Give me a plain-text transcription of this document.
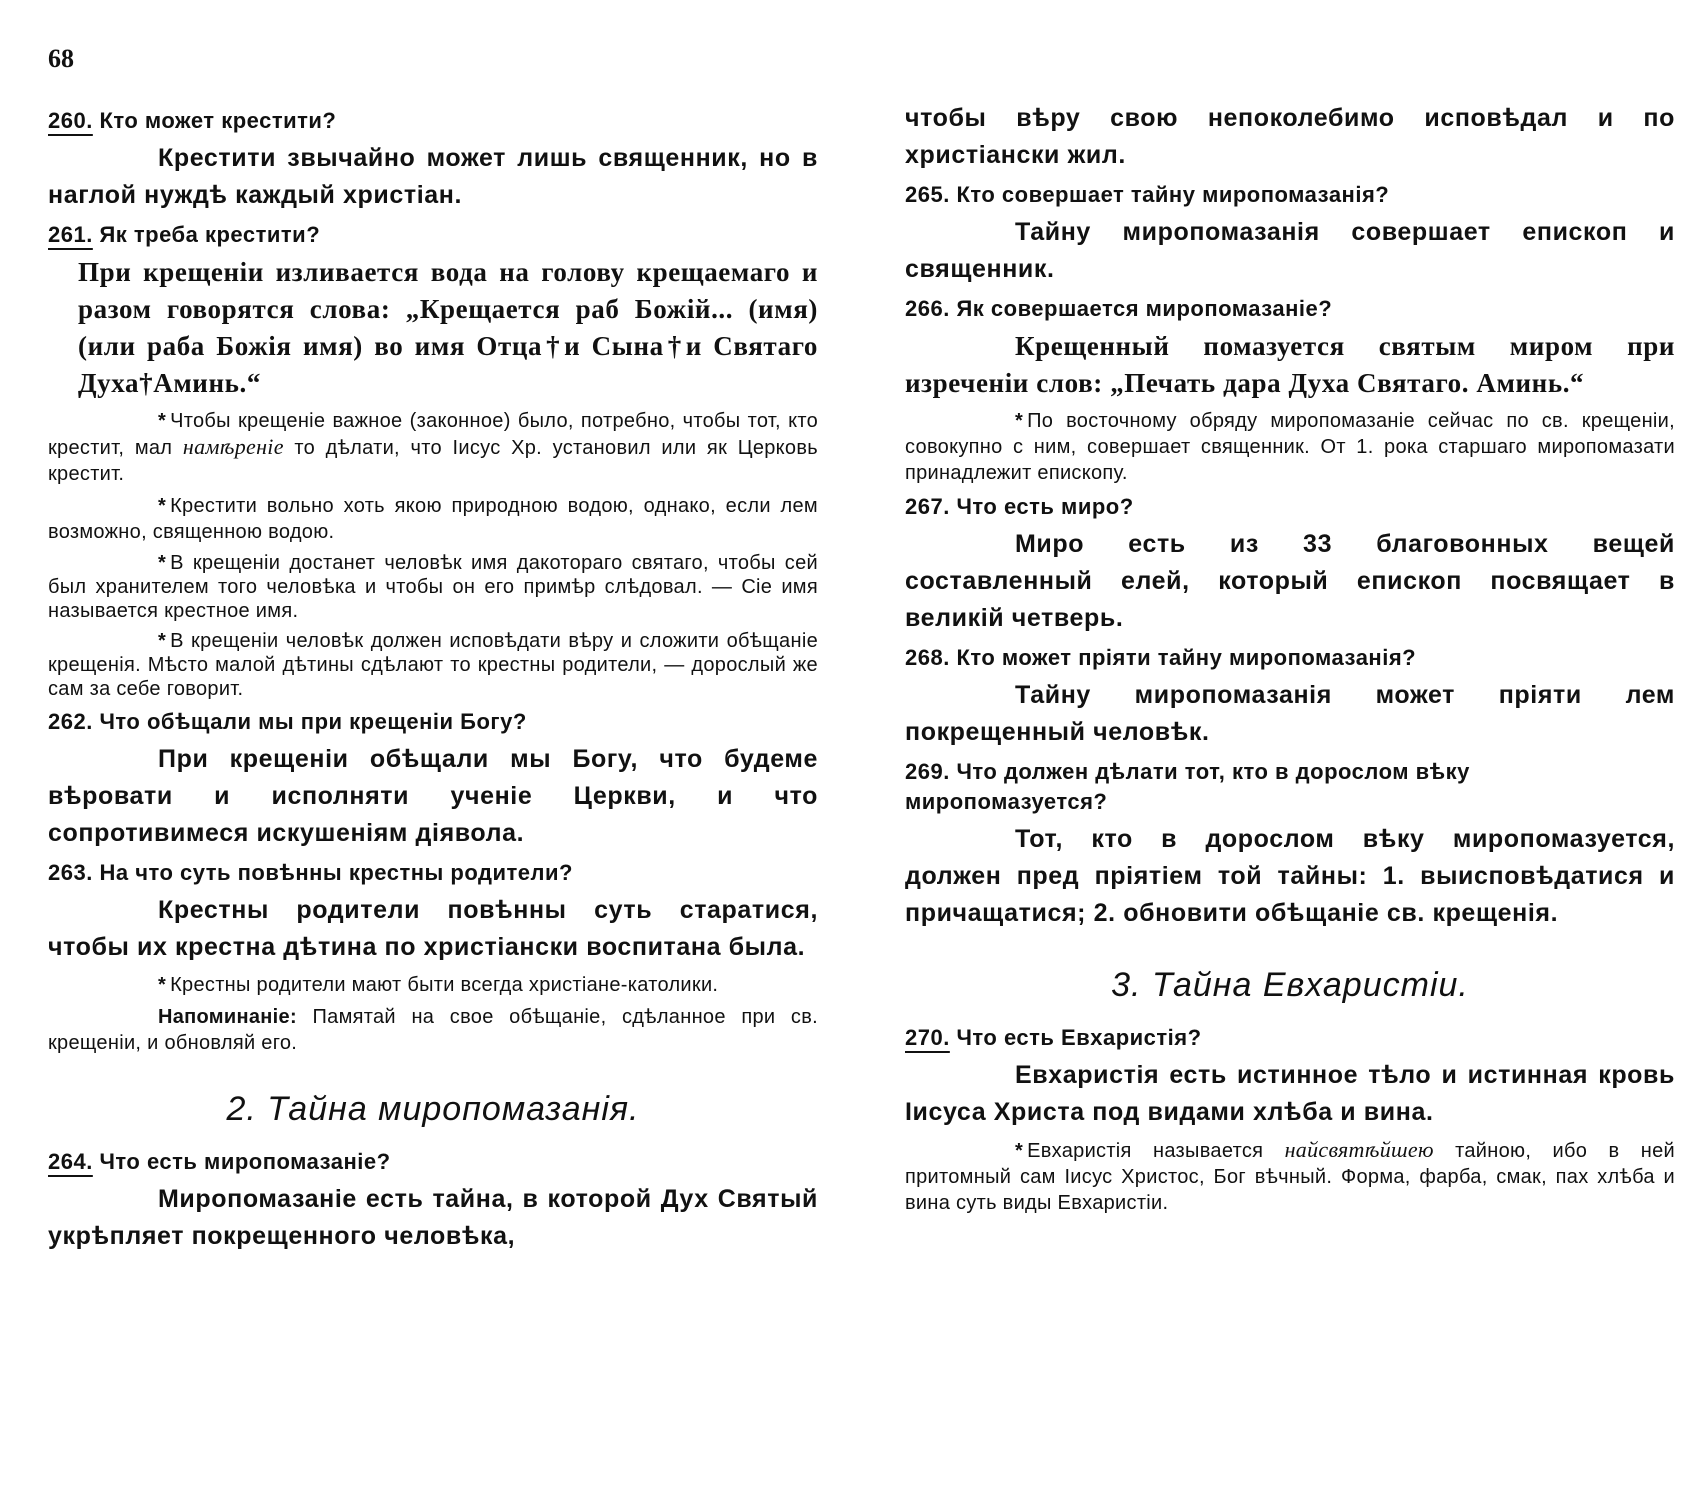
68
260. Кто может крестити?

Крестити звычайно может лишь священник, но в наглой нуждѣ каждый христіан.

261. Як треба крестити?

При крещеніи изливается вода на голову крещаемаго и разом говорятся слова: „Крещается раб Божій... (имя) (или раба Божія имя) во имя Отца†и Сына†и Святаго Духа†Аминь.“

* Чтобы крещеніе важное (законное) было, потребно, чтобы тот, кто крестит, мал намѣреніе то дѣлати, что Іисус Хр. установил или як Церковь крестит.

* Крестити вольно хоть якою природною водою, однако, если лем возможно, священною водою.

* В крещеніи достанет человѣк имя дакотораго святаго, чтобы сей был хранителем того человѣка и чтобы он его примѣр слѣдовал. — Сіе имя называется крестное имя.

* В крещеніи человѣк должен исповѣдати вѣру и сложити обѣщаніе крещенія. Мѣсто малой дѣтины сдѣлают то крестны родители, — дорослый же сам за себе говорит.

262. Что обѣщали мы при крещеніи Богу?

При крещеніи обѣщали мы Богу, что будеме вѣровати и исполняти ученіе Церкви, и что сопротивимеся искушеніям діявола.

263. На что суть повѣнны крестны родители?

Крестны родители повѣнны суть старатися, чтобы их крестна дѣтина по христіански воспитана была.

* Крестны родители мают быти всегда христіане-католики.

Напоминаніе: Памятай на свое обѣщаніе, сдѣланное при св. крещеніи, и обновляй его.

2. Тайна миропомазанія.
264. Что есть миропомазаніе?

Миропомазаніе есть тайна, в которой Дух Святый укрѣпляет покрещенного человѣка,

чтобы вѣру свою непоколебимо исповѣдал и по христіански жил.

265. Кто совершает тайну миропомазанія?

Тайну миропомазанія совершает епископ и священник.

266. Як совершается миропомазаніе?

Крещенный помазуется святым миром при изреченіи слов: „Печать дара Духа Святаго. Аминь.“

* По восточному обряду миропомазаніе сейчас по св. крещеніи, совокупно с ним, совершает священник. От 1. рока старшаго миропомазати принадлежит епископу.

267. Что есть миро?

Миро есть из 33 благовонных вещей составленный елей, который епископ посвящает в великій четверь.

268. Кто может пріяти тайну миропомазанія?

Тайну миропомазанія может пріяти лем покрещенный человѣк.

269. Что должен дѣлати тот, кто в дорослом вѣку миропомазуется?

Тот, кто в дорослом вѣку миропомазуется, должен пред пріятіем той тайны: 1. выисповѣдатися и причащатися; 2. обновити обѣщаніе св. крещенія.

3. Тайна Евхаристіи.
270. Что есть Евхаристія?

Евхаристія есть истинное тѣло и истинная кровь Іисуса Христа под видами хлѣба и вина.

* Евхаристія называется найсвятѣйшею тайною, ибо в ней притомный сам Іисус Христос, Бог вѣчный. Форма, фарба, смак, пах хлѣба и вина суть виды Евхаристіи.
